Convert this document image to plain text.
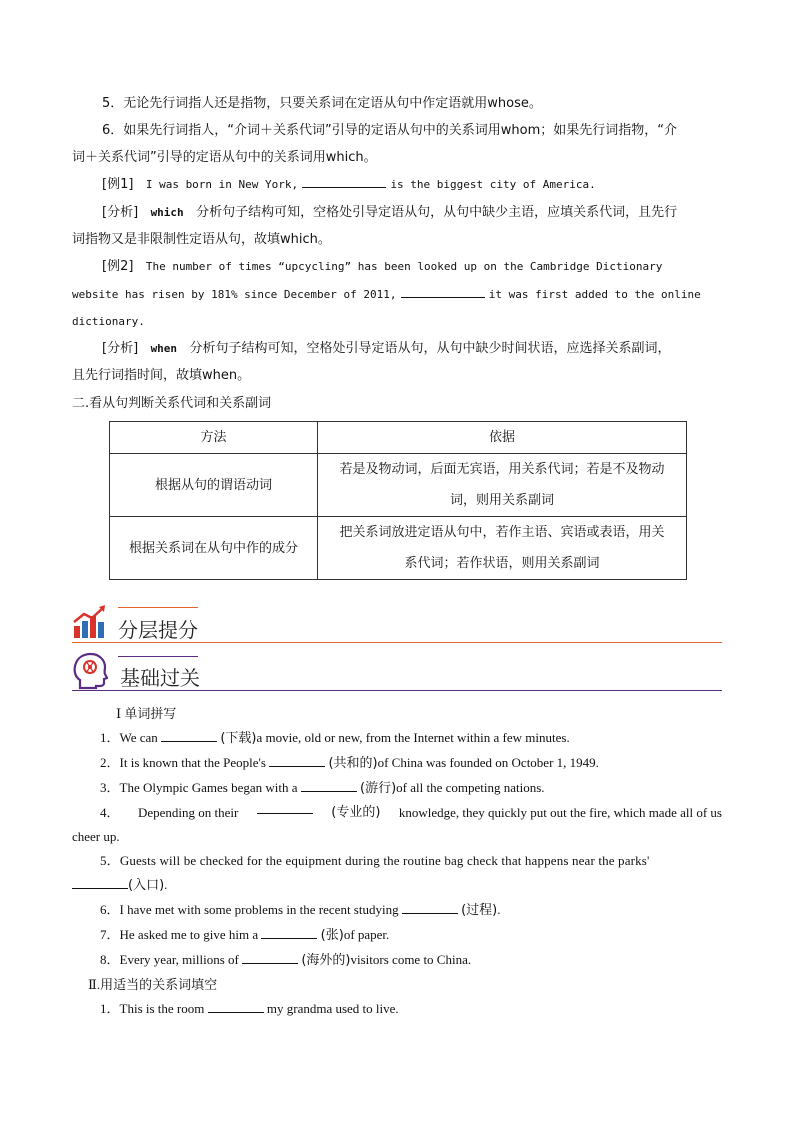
5．无论先行词指人还是指物，只要关系词在定语从句中作定语就用whose。

6．如果先行词指人，“介词＋关系代词”引导的定语从句中的关系词用whom；如果先行词指物，“介

词＋关系代词”引导的定语从句中的关系词用which。

[例1] I was born in New York,	is the biggest city of America.

[分析] which 分析句子结构可知，空格处引导定语从句，从句中缺少主语，应填关系代词，且先行

词指物又是非限制性定语从句，故填which。

[例2] The number of times “upcycling” has been looked up on the Cambridge Dictionary

website has risen by 181% since December of 2011,	it was first added to the online

dictionary.

[分析] when 分析句子结构可知，空格处引导定语从句，从句中缺少时间状语，应选择关系副词，

且先行词指时间，故填when。

二.看从句判断关系代词和关系副词

方法	依据
根据从句的谓语动词	若是及物动词，后面无宾语，用关系代词；若是不及物动
词，则用关系副词

根据关系词在从句中作的成分	把关系词放进定语从句中，若作主语、宾语或表语，用关
系代词；若作状语，则用关系副词
分层提分
基础过关

Ⅰ 单词拼写

1．We can	(下载)a movie, old or new, from the Internet within a few minutes.

2．It is known that the People's	(共和的)of China was founded on October 1, 1949.

3．The Olympic Games began with a	(游行)of all the competing nations.

4． Depending on their	(专业的) knowledge, they quickly put out the fire, which made all of us

cheer up.

5．Guests will be checked for the equipment during the routine bag check that happens near the parks'

(入口).

6．I have met with some problems in the recent studying	(过程).

7．He asked me to give him a	(张)of paper.

8．Every year, millions of	(海外的)visitors come to China.

Ⅱ.用适当的关系词填空

1．This is the room	my grandma used to live.
